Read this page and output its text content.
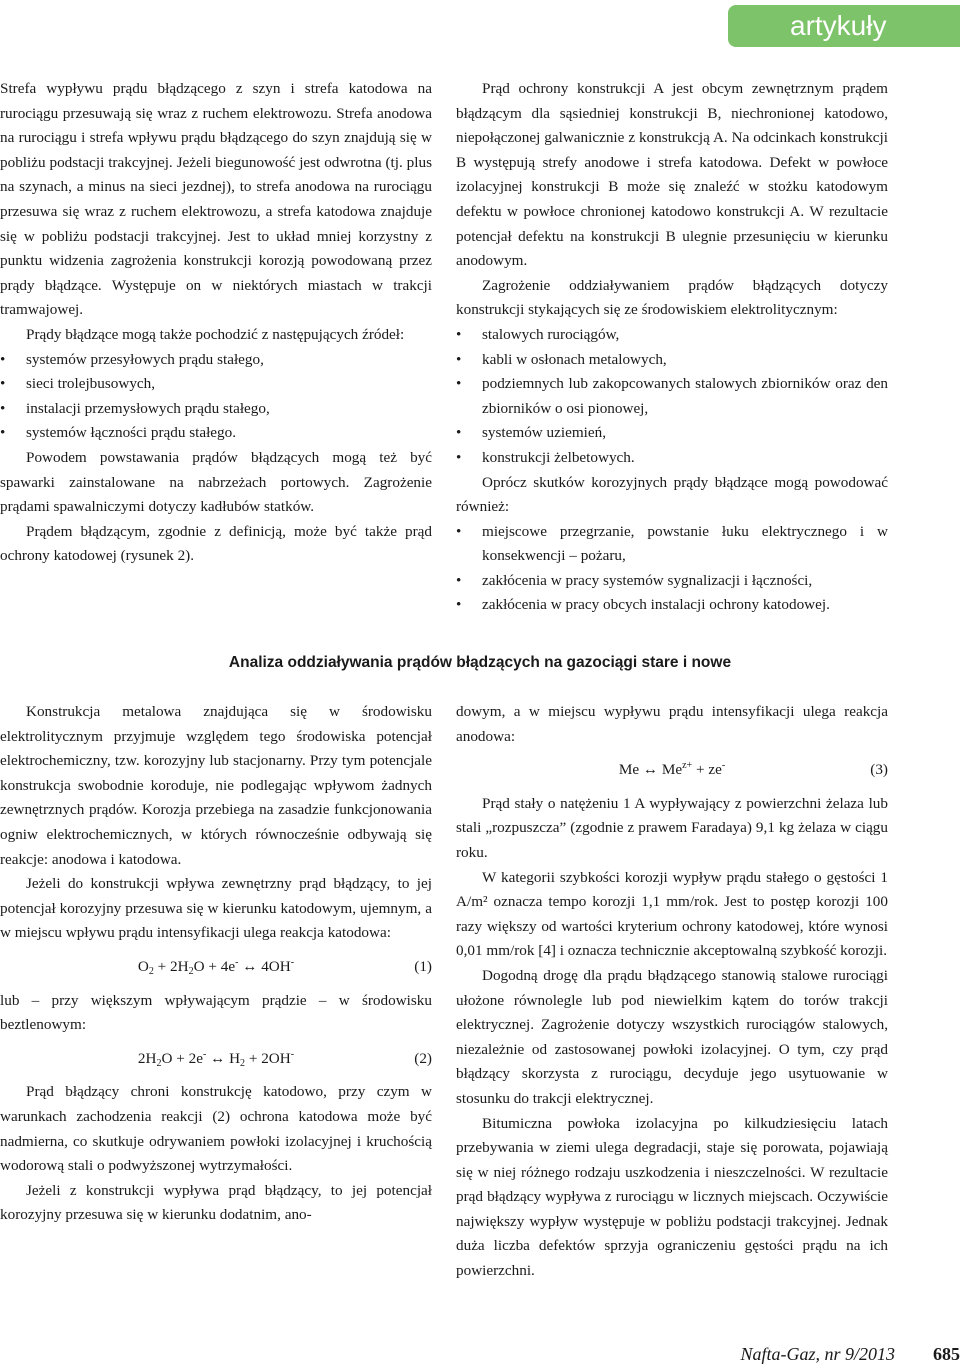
artykuły

Strefa wypływu prądu błądzącego z szyn i strefa katodowa na rurociągu przesuwają się wraz z ruchem elektrowozu. Strefa anodowa na rurociągu i strefa wpływu prądu błądzącego do szyn znajdują się w pobliżu podstacji trakcyjnej. Jeżeli biegunowość jest odwrotna (tj. plus na szynach, a minus na sieci jezdnej), to strefa anodowa na rurociągu przesuwa się wraz z ruchem elektrowozu, a strefa katodowa znajduje się w pobliżu podstacji trakcyjnej. Jest to układ mniej korzystny z punktu widzenia zagrożenia konstrukcji korozją powodowaną przez prądy błądzące. Występuje on w niektórych miastach w trakcji tramwajowej.

Prądy błądzące mogą także pochodzić z następujących źródeł:

• systemów przesyłowych prądu stałego,
• sieci trolejbusowych,
• instalacji przemysłowych prądu stałego,
• systemów łączności prądu stałego.

Powodem powstawania prądów błądzących mogą też być spawarki zainstalowane na nabrzeżach portowych. Zagrożenie prądami spawalniczymi dotyczy kadłubów statków.

Prądem błądzącym, zgodnie z definicją, może być także prąd ochrony katodowej (rysunek 2).

Prąd ochrony konstrukcji A jest obcym zewnętrznym prądem błądzącym dla sąsiedniej konstrukcji B, niechronionej katodowo, niepołączonej galwanicznie z konstrukcją A. Na odcinkach konstrukcji B występują strefy anodowe i strefa katodowa. Defekt w powłoce izolacyjnej konstrukcji B może się znaleźć w stożku katodowym defektu w powłoce chronionej katodowo konstrukcji A. W rezultacie potencjał defektu na konstrukcji B ulegnie przesunięciu w kierunku anodowym.

Zagrożenie oddziaływaniem prądów błądzących dotyczy konstrukcji stykających się ze środowiskiem elektrolitycznym:

• stalowych rurociągów,
• kabli w osłonach metalowych,
• podziemnych lub zakopcowanych stalowych zbiorników oraz den zbiorników o osi pionowej,
• systemów uziemień,
• konstrukcji żelbetowych.

Oprócz skutków korozyjnych prądy błądzące mogą powodować również:

• miejscowe przegrzanie, powstanie łuku elektrycznego i w konsekwencji – pożaru,
• zakłócenia w pracy systemów sygnalizacji i łączności,
• zakłócenia w pracy obcych instalacji ochrony katodowej.
Analiza oddziaływania prądów błądzących na gazociągi stare i nowe

Konstrukcja metalowa znajdująca się w środowisku elektrolitycznym przyjmuje względem tego środowiska potencjał elektrochemiczny, tzw. korozyjny lub stacjonarny. Przy tym potencjale konstrukcja swobodnie koroduje, nie podlegając wpływom żadnych zewnętrznych prądów. Korozja przebiega na zasadzie funkcjonowania ogniw elektrochemicznych, w których równocześnie odbywają się reakcje: anodowa i katodowa.

Jeżeli do konstrukcji wpływa zewnętrzny prąd błądzący, to jej potencjał korozyjny przesuwa się w kierunku katodowym, ujemnym, a w miejscu wpływu prądu intensyfikacji ulega reakcja katodowa:

$O_2 + 2H_2O + 4e^-$ ↔ 4OH-	(1)

lub – przy większym wpływającym prądzie – w środowisku beztlenowym:

$2H_2O + 2e^-$ ↔ $H_2 + 2OH^-$	(2)

Prąd błądzący chroni konstrukcję katodowo, przy czym w warunkach zachodzenia reakcji (2) ochrona katodowa może być nadmierna, co skutkuje odrywaniem powłoki izolacyjnej i kruchością wodorową stali o podwyższonej wytrzymałości.

Jeżeli z konstrukcji wypływa prąd błądzący, to jej potencjał korozyjny przesuwa się w kierunku dodatnim, ano-

dowym, a w miejscu wypływu prądu intensyfikacji ulega reakcja anodowa:

Me ↔ $Me^{z+} + ze^-$	(3)

Prąd stały o natężeniu 1 A wypływający z powierzchni żelaza lub stali „rozpuszcza” (zgodnie z prawem Faradaya) 9,1 kg żelaza w ciągu roku.

W kategorii szybkości korozji wypływ prądu stałego o gęstości 1 A/m² oznacza tempo korozji 1,1 mm/rok. Jest to postęp korozji 100 razy większy od wartości kryterium ochrony katodowej, które wynosi 0,01 mm/rok [4] i oznacza technicznie akceptowalną szybkość korozji.

Dogodną drogę dla prądu błądzącego stanowią stalowe rurociągi ułożone równolegle lub pod niewielkim kątem do torów trakcji elektrycznej. Zagrożenie dotyczy wszystkich rurociągów stalowych, niezależnie od zastosowanej powłoki izolacyjnej. O tym, czy prąd błądzący skorzysta z rurociągu, decyduje jego usytuowanie w stosunku do trakcji elektrycznej.

Bitumiczna powłoka izolacyjna po kilkudziesięciu latach przebywania w ziemi ulega degradacji, staje się porowata, pojawiają się w niej różnego rodzaju uszkodzenia i nieszczelności. W rezultacie prąd błądzący wypływa z rurociągu w licznych miejscach. Oczywiście największy wypływ występuje w pobliżu podstacji trakcyjnej. Jednak duża liczba defektów sprzyja ograniczeniu gęstości prądu na ich powierzchni.

Nafta-Gaz, nr 9/2013 685
